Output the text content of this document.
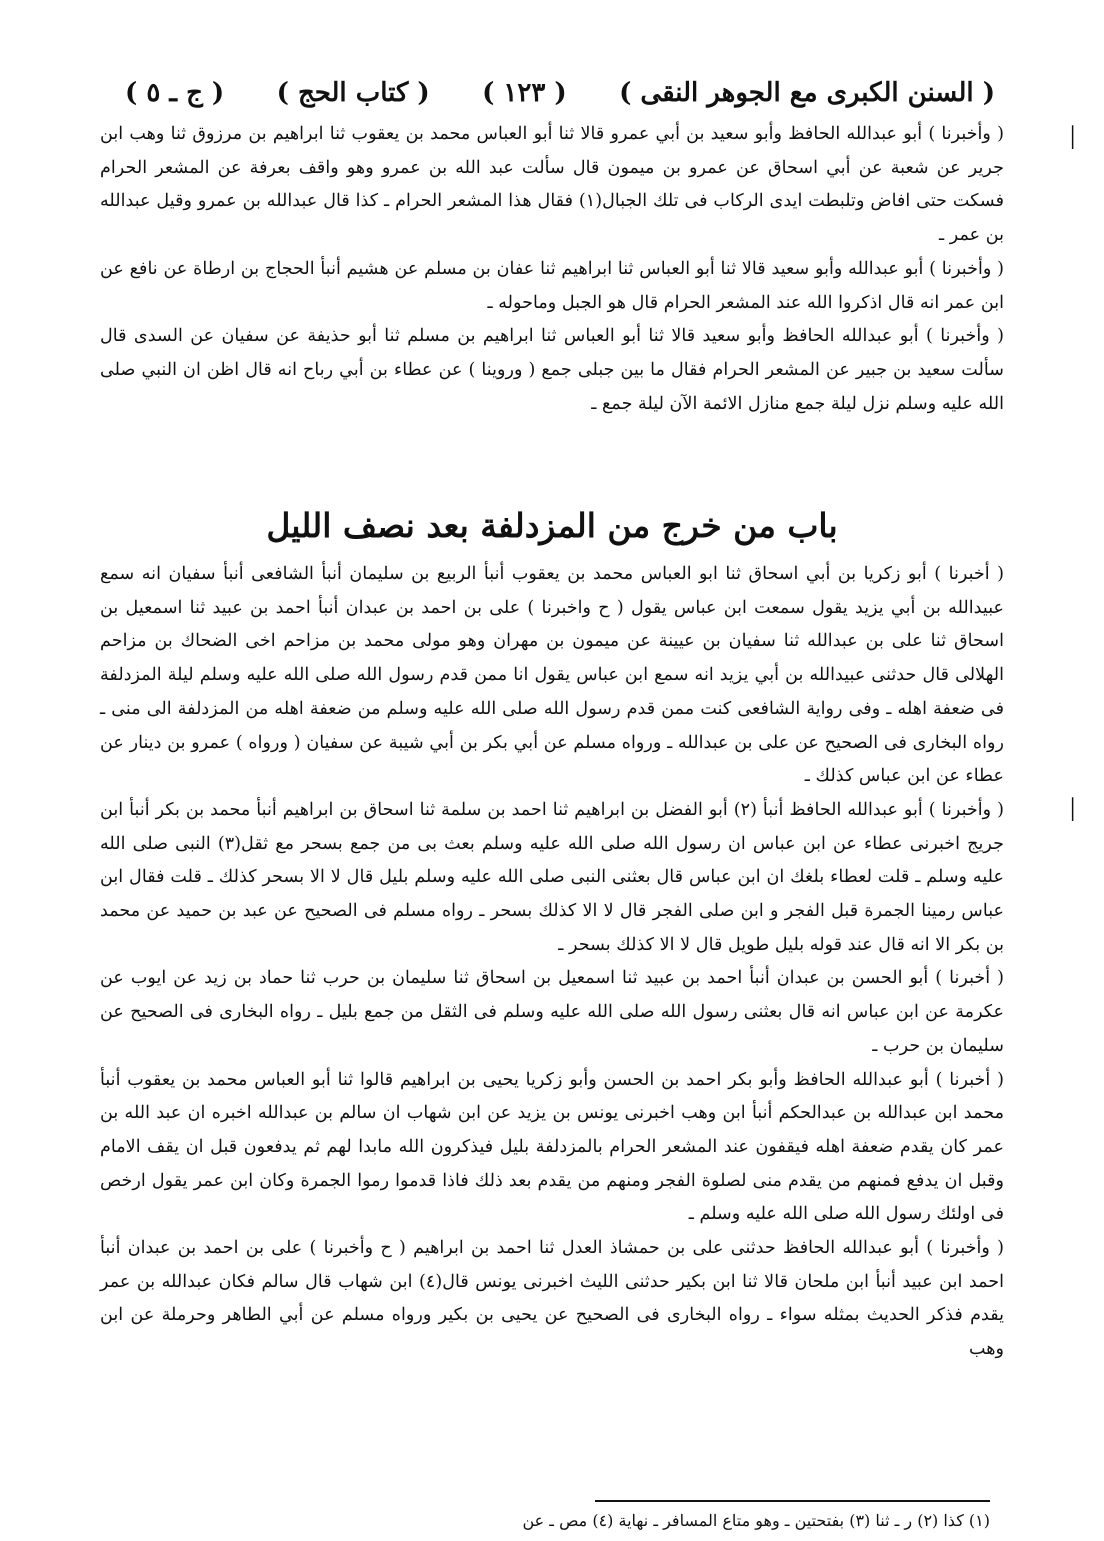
( السنن الكبرى مع الجوهر النقى )
( ١٢٣ )
( كتاب الحج )
( ج ـ ٥ )
׀
׀

( وأخبرنا ) أبو عبدالله الحافظ وأبو سعيد بن أبي عمرو قالا ثنا أبو العباس محمد بن يعقوب ثنا ابراهيم بن مرزوق ثنا وهب ابن جرير عن شعبة عن أبي اسحاق عن عمرو بن ميمون قال سألت عبد الله بن عمرو وهو واقف بعرفة عن المشعر الحرام فسكت حتى افاض وتلبطت ايدى الركاب فى تلك الجبال(١) فقال هذا المشعر الحرام ـ كذا قال عبدالله بن عمرو وقيل عبدالله بن عمر ـ

( وأخبرنا ) أبو عبدالله وأبو سعيد قالا ثنا أبو العباس ثنا ابراهيم ثنا عفان بن مسلم عن هشيم أنبأ الحجاج بن ارطاة عن نافع عن ابن عمر انه قال اذكروا الله عند المشعر الحرام قال هو الجبل وماحوله ـ

( وأخبرنا ) أبو عبدالله الحافظ وأبو سعيد قالا ثنا أبو العباس ثنا ابراهيم بن مسلم ثنا أبو حذيفة عن سفيان عن السدى قال سألت سعيد بن جبير عن المشعر الحرام فقال ما بين جبلى جمع ( وروينا ) عن عطاء بن أبي رباح انه قال اظن ان النبي صلى الله عليه وسلم نزل ليلة جمع منازل الائمة الآن ليلة جمع ـ

باب من خرج من المزدلفة بعد نصف الليل

( أخبرنا ) أبو زكريا بن أبي اسحاق ثنا ابو العباس محمد بن يعقوب أنبأ الربيع بن سليمان أنبأ الشافعى أنبأ سفيان انه سمع عبيدالله بن أبي يزيد يقول سمعت ابن عباس يقول ( ح واخبرنا ) على بن احمد بن عبدان أنبأ احمد بن عبيد ثنا اسمعيل بن اسحاق ثنا على بن عبدالله ثنا سفيان بن عيينة عن ميمون بن مهران وهو مولى محمد بن مزاحم اخى الضحاك بن مزاحم الهلالى قال حدثنى عبيدالله بن أبي يزيد انه سمع ابن عباس يقول انا ممن قدم رسول الله صلى الله عليه وسلم ليلة المزدلفة فى ضعفة اهله ـ وفى رواية الشافعى كنت ممن قدم رسول الله صلى الله عليه وسلم من ضعفة اهله من المزدلفة الى منى ـ رواه البخارى فى الصحيح عن على بن عبدالله ـ ورواه مسلم عن أبي بكر بن أبي شيبة عن سفيان ( ورواه ) عمرو بن دينار عن عطاء عن ابن عباس كذلك ـ

( وأخبرنا ) أبو عبدالله الحافظ أنبأ (٢) أبو الفضل بن ابراهيم ثنا احمد بن سلمة ثنا اسحاق بن ابراهيم أنبأ محمد بن بكر أنبأ ابن جريج اخبرنى عطاء عن ابن عباس ان رسول الله صلى الله عليه وسلم بعث بى من جمع بسحر مع ثقل(٣) النبى صلى الله عليه وسلم ـ قلت لعطاء بلغك ان ابن عباس قال بعثنى النبى صلى الله عليه وسلم بليل قال لا الا بسحر كذلك ـ قلت فقال ابن عباس رمينا الجمرة قبل الفجر و ابن صلى الفجر قال لا الا كذلك بسحر ـ رواه مسلم فى الصحيح عن عبد بن حميد عن محمد بن بكر الا انه قال عند قوله بليل طويل قال لا الا كذلك بسحر ـ

( أخبرنا ) أبو الحسن بن عبدان أنبأ احمد بن عبيد ثنا اسمعيل بن اسحاق ثنا سليمان بن حرب ثنا حماد بن زيد عن ايوب عن عكرمة عن ابن عباس انه قال بعثنى رسول الله صلى الله عليه وسلم فى الثقل من جمع بليل ـ رواه البخارى فى الصحيح عن سليمان بن حرب ـ

( أخبرنا ) أبو عبدالله الحافظ وأبو بكر احمد بن الحسن وأبو زكريا يحيى بن ابراهيم قالوا ثنا أبو العباس محمد بن يعقوب أنبأ محمد ابن عبدالله بن عبدالحكم أنبأ ابن وهب اخبرنى يونس بن يزيد عن ابن شهاب ان سالم بن عبدالله اخبره ان عبد الله بن عمر كان يقدم ضعفة اهله فيقفون عند المشعر الحرام بالمزدلفة بليل فيذكرون الله مابدا لهم ثم يدفعون قبل ان يقف الامام وقبل ان يدفع فمنهم من يقدم منى لصلوة الفجر ومنهم من يقدم بعد ذلك فاذا قدموا رموا الجمرة وكان ابن عمر يقول ارخص فى اولئك رسول الله صلى الله عليه وسلم ـ

( وأخبرنا ) أبو عبدالله الحافظ حدثنى على بن حمشاذ العدل ثنا احمد بن ابراهيم ( ح وأخبرنا ) على بن احمد بن عبدان أنبأ احمد ابن عبيد أنبأ ابن ملحان قالا ثنا ابن بكير حدثنى الليث اخبرنى يونس قال(٤) ابن شهاب قال سالم فكان عبدالله بن عمر يقدم فذكر الحديث بمثله سواء ـ رواه البخارى فى الصحيح عن يحيى بن بكير ورواه مسلم عن أبي الطاهر وحرملة عن ابن وهب

(١) كذا (٢) ر ـ ثنا (٣) بفتحتين ـ وهو متاع المسافر ـ نهاية (٤) مص ـ عن
